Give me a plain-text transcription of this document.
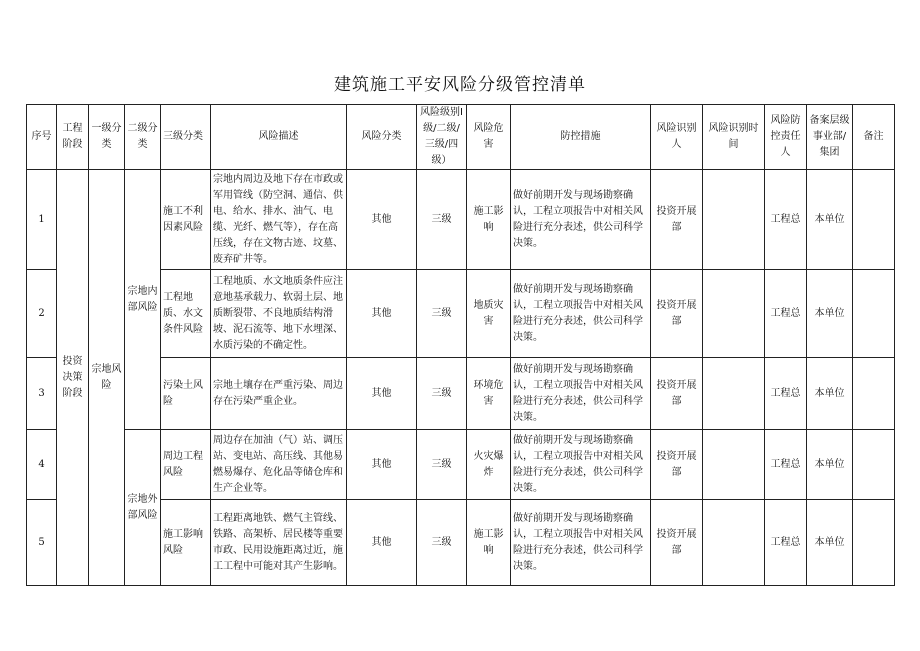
建筑施工平安风险分级管控清单
序号	工程阶段	一级分类	二级分类	三级分类	风险描述	风险分类	风险级别I级/二级/三级/四级）	风险危害	防控措施	风险识别人	风险识别时间	风险防控责任人	备案层级事业部/集团	备注
1	投资决策阶段	宗地风险	宗地内部风险	施工不利因素风险	宗地内周边及地下存在市政或军用管线（防空洞、通信、供电、给水、排水、油气、电缆、光纤、燃气等），存在高压线，存在文物古迹、坟墓、废弃矿井等。	其他	三级	施工影响	做好前期开发与现场勘察确认，工程立项报告中对相关风险进行充分表述，供公司科学决策。	投资开展部		工程总	本单位	
2				工程地质、水文条件风险	工程地质、水文地质条件应注意地基承载力、软弱土层、地质断裂带、不良地质结构滑坡、泥石流等、地下水埋深、水质污染的不确定性。	其他	三级	地质灾害	做好前期开发与现场勘察确认，工程立项报告中对相关风险进行充分表述，供公司科学决策。	投资开展部		工程总	本单位	
3				污染土风险	宗地土壤存在严重污染、周边存在污染严重企业。	其他	三级	环境危害	做好前期开发与现场勘察确认，工程立项报告中对相关风险进行充分表述，供公司科学决策。	投资开展部		工程总	本单位	
4			宗地外部风险	周边工程风险	周边存在加油（气）站、调压站、变电站、高压线、其他易燃易爆存、危化品等储仓库和生产企业等。	其他	三级	火灾爆炸	做好前期开发与现场勘察确认，工程立项报告中对相关风险进行充分表述，供公司科学决策。	投资开展部		工程总	本单位	
5				施工影响风险	工程距离地铁、燃气主管线、铁路、高架桥、居民楼等重要市政、民用设施距离过近，施工工程中可能对其产生影响。	其他	三级	施工影响	做好前期开发与现场勘察确认，工程立项报告中对相关风险进行充分表述，供公司科学决策。	投资开展部		工程总	本单位	
